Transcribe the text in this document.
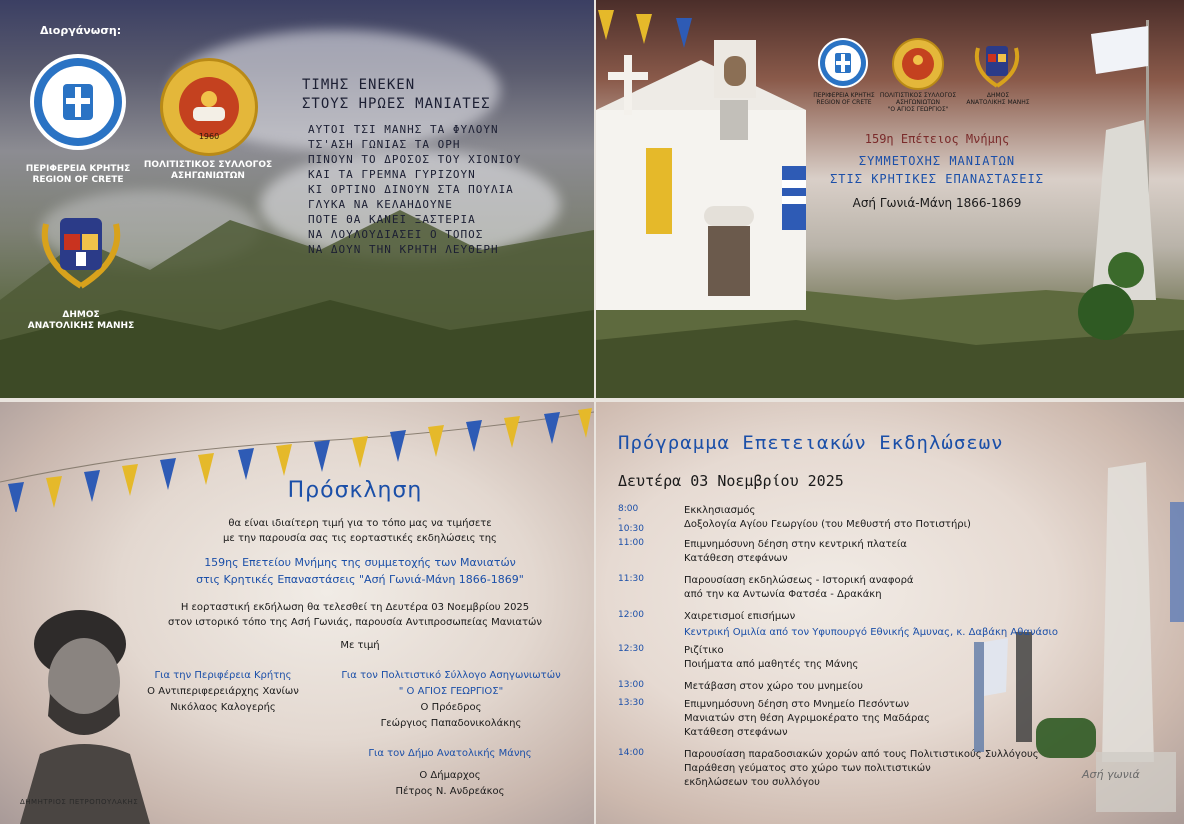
Διοργάνωση:
ΠΕΡΙΦΕΡΕΙΑ ΚΡΗΤΗΣ
REGION OF CRETE
1960
ΠΟΛΙΤΙΣΤΙΚΟΣ ΣΥΛΛΟΓΟΣ
ΑΣΗΓΩΝΙΩΤΩΝ
ΔΗΜΟΣ
ΑΝΑΤΟΛΙΚΗΣ ΜΑΝΗΣ
ΤΙΜΗΣ ΕΝΕΚΕΝ
ΣΤΟΥΣ ΗΡΩΕΣ ΜΑΝΙΑΤΕΣ
ΑΥΤΟΙ ΤΣΙ ΜΑΝΗΣ ΤΑ ΦΥΛΟΥΝ
ΤΣ'ΑΣΗ ΓΩΝΙΑΣ ΤΑ ΟΡΗ
ΠΙΝΟΥΝ ΤΟ ΔΡΟΣΟΣ ΤΟΥ ΧΙΟΝΙΟΥ
ΚΑΙ ΤΑ ΓΡΕΜΝΑ ΓΥΡΙΖΟΥΝ
ΚΙ ΟΡΤΙΝΟ ΔΙΝΟΥΝ ΣΤΑ ΠΟΥΛΙΑ
ΓΛΥΚΑ ΝΑ ΚΕΛΑΗΔΟΥΝΕ
ΠΟΤΕ ΘΑ ΚΑΝΕΙ ΞΑΣΤΕΡΙΑ
ΝΑ ΛΟΥΛΟΥΔΙΑΣΕΙ Ο ΤΟΠΟΣ
ΝΑ ΔΟΥΝ ΤΗΝ ΚΡΗΤΗ ΛΕΥΘΕΡΗ
ΠΕΡΙΦΕΡΕΙΑ ΚΡΗΤΗΣ
REGION OF CRETE
ΠΟΛΙΤΙΣΤΙΚΟΣ ΣΥΛΛΟΓΟΣ
ΑΣΗΓΩΝΙΩΤΩΝ
"Ο ΑΓΙΟΣ ΓΕΩΡΓΙΟΣ"
ΔΗΜΟΣ
ΑΝΑΤΟΛΙΚΗΣ ΜΑΝΗΣ
159η Επέτειος Μνήμης
ΣΥΜΜΕΤΟΧΗΣ ΜΑΝΙΑΤΩΝ
ΣΤΙΣ ΚΡΗΤΙΚΕΣ ΕΠΑΝΑΣΤΑΣΕΙΣ
Ασή Γωνιά-Μάνη 1866-1869
ΔΗΜΗΤΡΙΟΣ ΠΕΤΡΟΠΟΥΛΑΚΗΣ
Πρόσκληση
θα είναι ιδιαίτερη τιμή για το τόπο μας να τιμήσετε
με την παρουσία σας τις εορταστικές εκδηλώσεις της
159ης Επετείου Μνήμης της συμμετοχής των Μανιατών
στις Κρητικές Επαναστάσεις "Ασή Γωνιά-Μάνη 1866-1869"
Η εορταστική εκδήλωση θα τελεσθεί τη Δευτέρα 03 Νοεμβρίου 2025
στον ιστορικό τόπο της Ασή Γωνιάς, παρουσία Αντιπροσωπείας Μανιατών
Με τιμή
Για την Περιφέρεια Κρήτης
Ο Αντιπεριφερειάρχης Χανίων
Νικόλαος Καλογερής
Για τον Πολιτιστικό Σύλλογο Ασηγωνιωτών
" Ο ΑΓΙΟΣ ΓΕΩΡΓΙΟΣ"
Ο Πρόεδρος
Γεώργιος Παπαδονικολάκης
Για τον Δήμο Ανατολικής Μάνης
Ο Δήμαρχος
Πέτρος Ν. Ανδρεάκος
Πρόγραμμα Επετειακών Εκδηλώσεων
Δευτέρα 03 Νοεμβρίου 2025
8:00 - 10:30
Εκκλησιασμός
Δοξολογία Αγίου Γεωργίου (του Μεθυστή στο Ποτιστήρι)
11:00	Επιμνημόσυνη δέηση στην κεντρική πλατεία
Κατάθεση στεφάνων
11:30	Παρουσίαση εκδηλώσεως - Ιστορική αναφορά
από την κα Αντωνία Φατσέα - Δρακάκη
12:00	Χαιρετισμοί επισήμων
Κεντρική Ομιλία από τον Υφυπουργό Εθνικής Άμυνας, κ. Δαβάκη Αθανάσιο
12:30	Ριζίτικο
Ποιήματα από μαθητές της Μάνης
13:00	Μετάβαση στον χώρο του μνημείου
13:30	Επιμνημόσυνη δέηση στο Μνημείο Πεσόντων
Μανιατών στη θέση Αγριμοκέρατο της Μαδάρας
Κατάθεση στεφάνων
14:00	Παρουσίαση παραδοσιακών χορών από τους Πολιτιστικούς Συλλόγους
Παράθεση γεύματος στο χώρο των πολιτιστικών
εκδηλώσεων του συλλόγου
Ασή γωνιά
